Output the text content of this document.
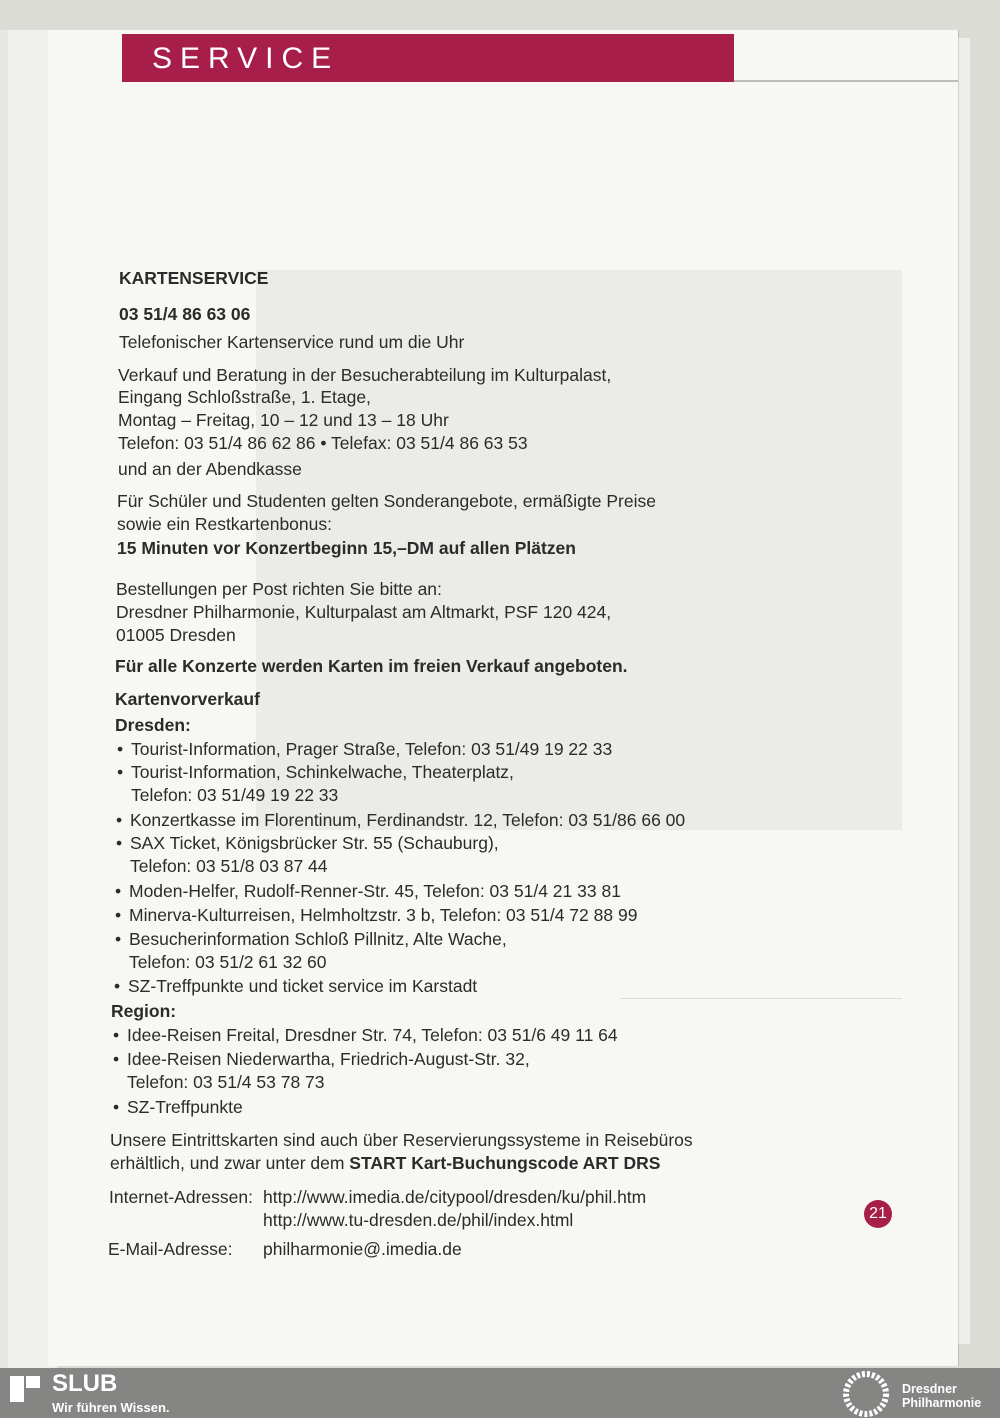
SERVICE
KARTENSERVICE
03 51/4 86 63 06
Telefonischer Kartenservice rund um die Uhr
Verkauf und Beratung in der Besucherabteilung im Kulturpalast,
Eingang Schloßstraße, 1. Etage,
Montag – Freitag, 10 – 12 und 13 – 18 Uhr
Telefon: 03 51/4 86 62 86 • Telefax: 03 51/4 86 63 53
und an der Abendkasse
Für Schüler und Studenten gelten Sonderangebote, ermäßigte Preise
sowie ein Restkartenbonus:
15 Minuten vor Konzertbeginn 15,–DM auf allen Plätzen
Bestellungen per Post richten Sie bitte an:
Dresdner Philharmonie, Kulturpalast am Altmarkt, PSF 120 424,
01005 Dresden
Für alle Konzerte werden Karten im freien Verkauf angeboten.
Kartenvorverkauf
Dresden:
• Tourist-Information, Prager Straße, Telefon: 03 51/49 19 22 33
• Tourist-Information, Schinkelwache, Theaterplatz,
Telefon: 03 51/49 19 22 33
• Konzertkasse im Florentinum, Ferdinandstr. 12, Telefon: 03 51/86 66 00
• SAX Ticket, Königsbrücker Str. 55 (Schauburg),
Telefon: 03 51/8 03 87 44
• Moden-Helfer, Rudolf-Renner-Str. 45, Telefon: 03 51/4 21 33 81
• Minerva-Kulturreisen, Helmholtzstr. 3 b, Telefon: 03 51/4 72 88 99
• Besucherinformation Schloß Pillnitz, Alte Wache,
Telefon: 03 51/2 61 32 60
• SZ-Treffpunkte und ticket service im Karstadt
Region:
• Idee-Reisen Freital, Dresdner Str. 74, Telefon: 03 51/6 49 11 64
• Idee-Reisen Niederwartha, Friedrich-August-Str. 32,
Telefon: 03 51/4 53 78 73
• SZ-Treffpunkte
Unsere Eintrittskarten sind auch über Reservierungssysteme in Reisebüros
erhältlich, und zwar unter dem START Kart-Buchungscode ART DRS
Internet-Adressen: http://www.imedia.de/citypool/dresden/ku/phil.htm
http://www.tu-dresden.de/phil/index.html
E-Mail-Adresse: philharmonie@.imedia.de
21
SLUB
Wir führen Wissen.
Dresdner
Philharmonie
